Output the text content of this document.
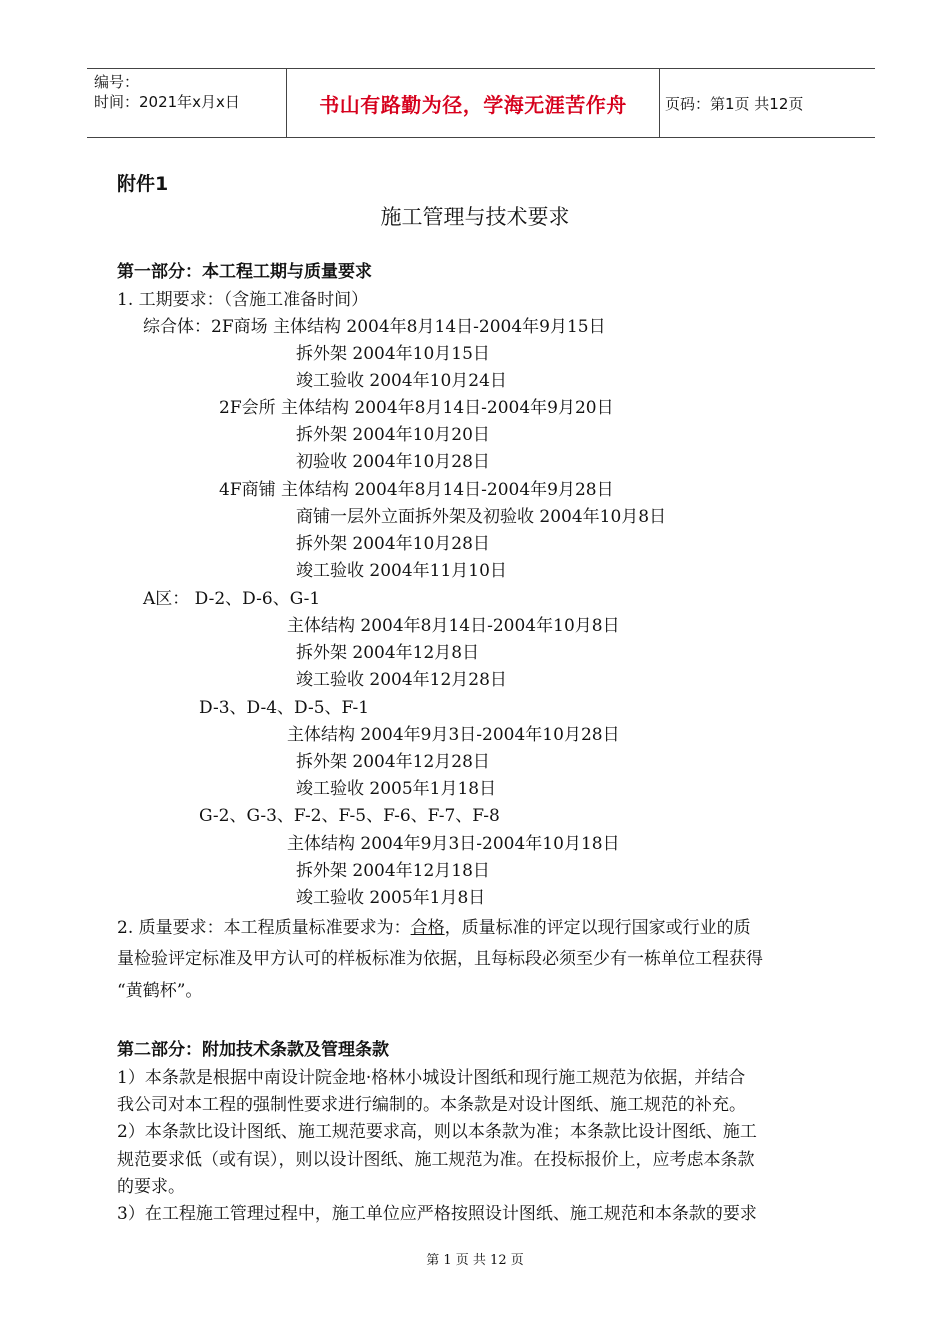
编号：
时间：2021年x月x日	书山有路勤为径，学海无涯苦作舟	页码：第1页 共12页
附件1
施工管理与技术要求
第一部分：本工程工期与质量要求
1. 工期要求：（含施工准备时间）
综合体：2F商场 主体结构 2004年8月14日-2004年9月15日
拆外架 2004年10月15日
竣工验收 2004年10月24日
2F会所 主体结构 2004年8月14日-2004年9月20日
拆外架 2004年10月20日
初验收 2004年10月28日
4F商铺 主体结构 2004年8月14日-2004年9月28日
商铺一层外立面拆外架及初验收 2004年10月8日
拆外架 2004年10月28日
竣工验收 2004年11月10日
A区： D-2、D-6、G-1
主体结构 2004年8月14日-2004年10月8日
拆外架 2004年12月8日
竣工验收 2004年12月28日
D-3、D-4、D-5、F-1
主体结构 2004年9月3日-2004年10月28日
拆外架 2004年12月28日
竣工验收 2005年1月18日
G-2、G-3、F-2、F-5、F-6、F-7、F-8
主体结构 2004年9月3日-2004年10月18日
拆外架 2004年12月18日
竣工验收 2005年1月8日
2. 质量要求：本工程质量标准要求为：合格，质量标准的评定以现行国家或行业的质
量检验评定标准及甲方认可的样板标准为依据，且每标段必须至少有一栋单位工程获得
“黄鹤杯”。
第二部分：附加技术条款及管理条款
1）本条款是根据中南设计院金地·格林小城设计图纸和现行施工规范为依据，并结合
我公司对本工程的强制性要求进行编制的。本条款是对设计图纸、施工规范的补充。
2）本条款比设计图纸、施工规范要求高，则以本条款为准；本条款比设计图纸、施工
规范要求低（或有误），则以设计图纸、施工规范为准。在投标报价上，应考虑本条款
的要求。
3）在工程施工管理过程中，施工单位应严格按照设计图纸、施工规范和本条款的要求
第 1 页 共 12 页
